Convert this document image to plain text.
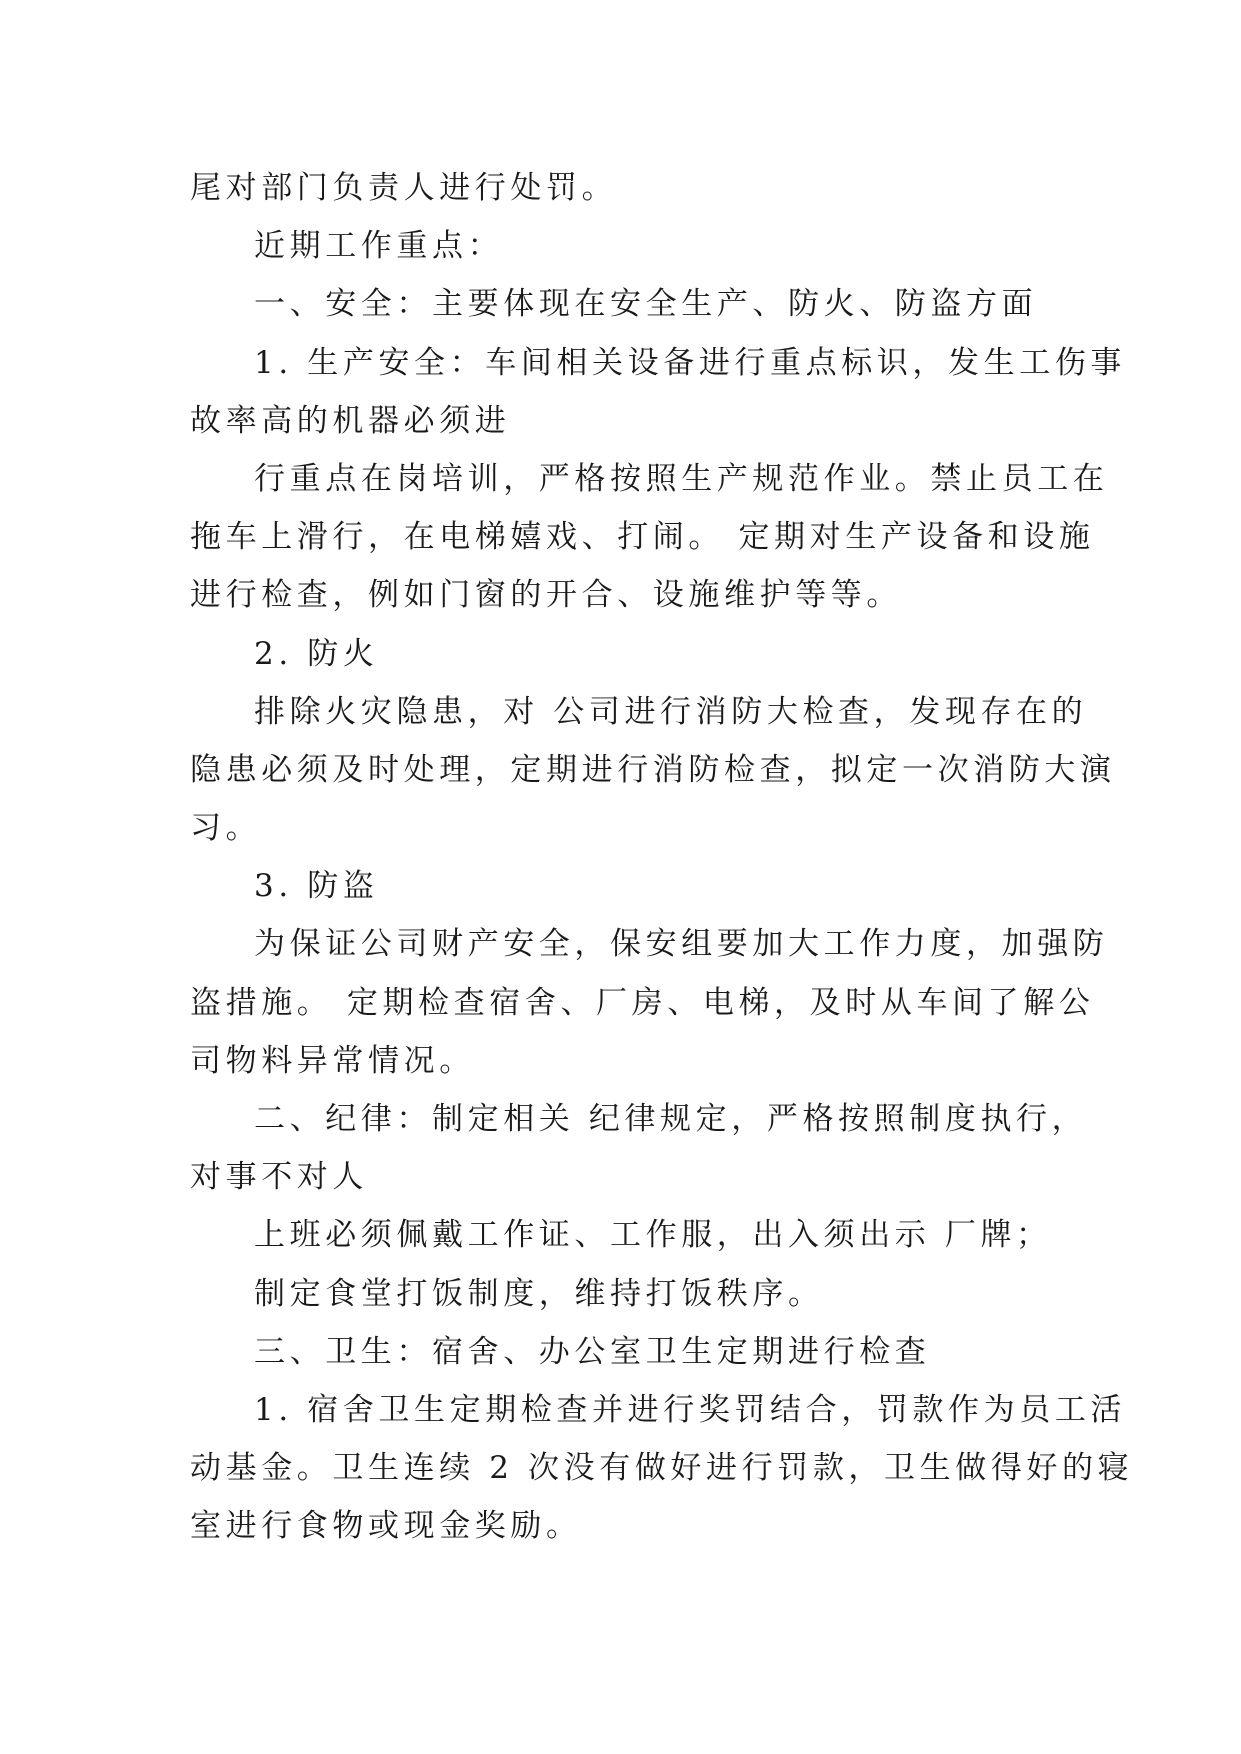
尾对部门负责人进行处罚。
近期工作重点：
一、安全：主要体现在安全生产、防火、防盗方面
1. 生产安全：车间相关设备进行重点标识，发生工伤事
故率高的机器必须进
行重点在岗培训，严格按照生产规范作业。禁止员工在
拖车上滑行，在电梯嬉戏、打闹。 定期对生产设备和设施
进行检查，例如门窗的开合、设施维护等等。
2. 防火
排除火灾隐患，对 公司进行消防大检查，发现存在的
隐患必须及时处理，定期进行消防检查，拟定一次消防大演
习。
3. 防盗
为保证公司财产安全，保安组要加大工作力度，加强防
盗措施。 定期检查宿舍、厂房、电梯，及时从车间了解公
司物料异常情况。
二、纪律：制定相关 纪律规定，严格按照制度执行，
对事不对人
上班必须佩戴工作证、工作服，出入须出示 厂牌；
制定食堂打饭制度，维持打饭秩序。
三、卫生：宿舍、办公室卫生定期进行检查
1. 宿舍卫生定期检查并进行奖罚结合，罚款作为员工活
动基金。卫生连续 2 次没有做好进行罚款，卫生做得好的寝
室进行食物或现金奖励。
